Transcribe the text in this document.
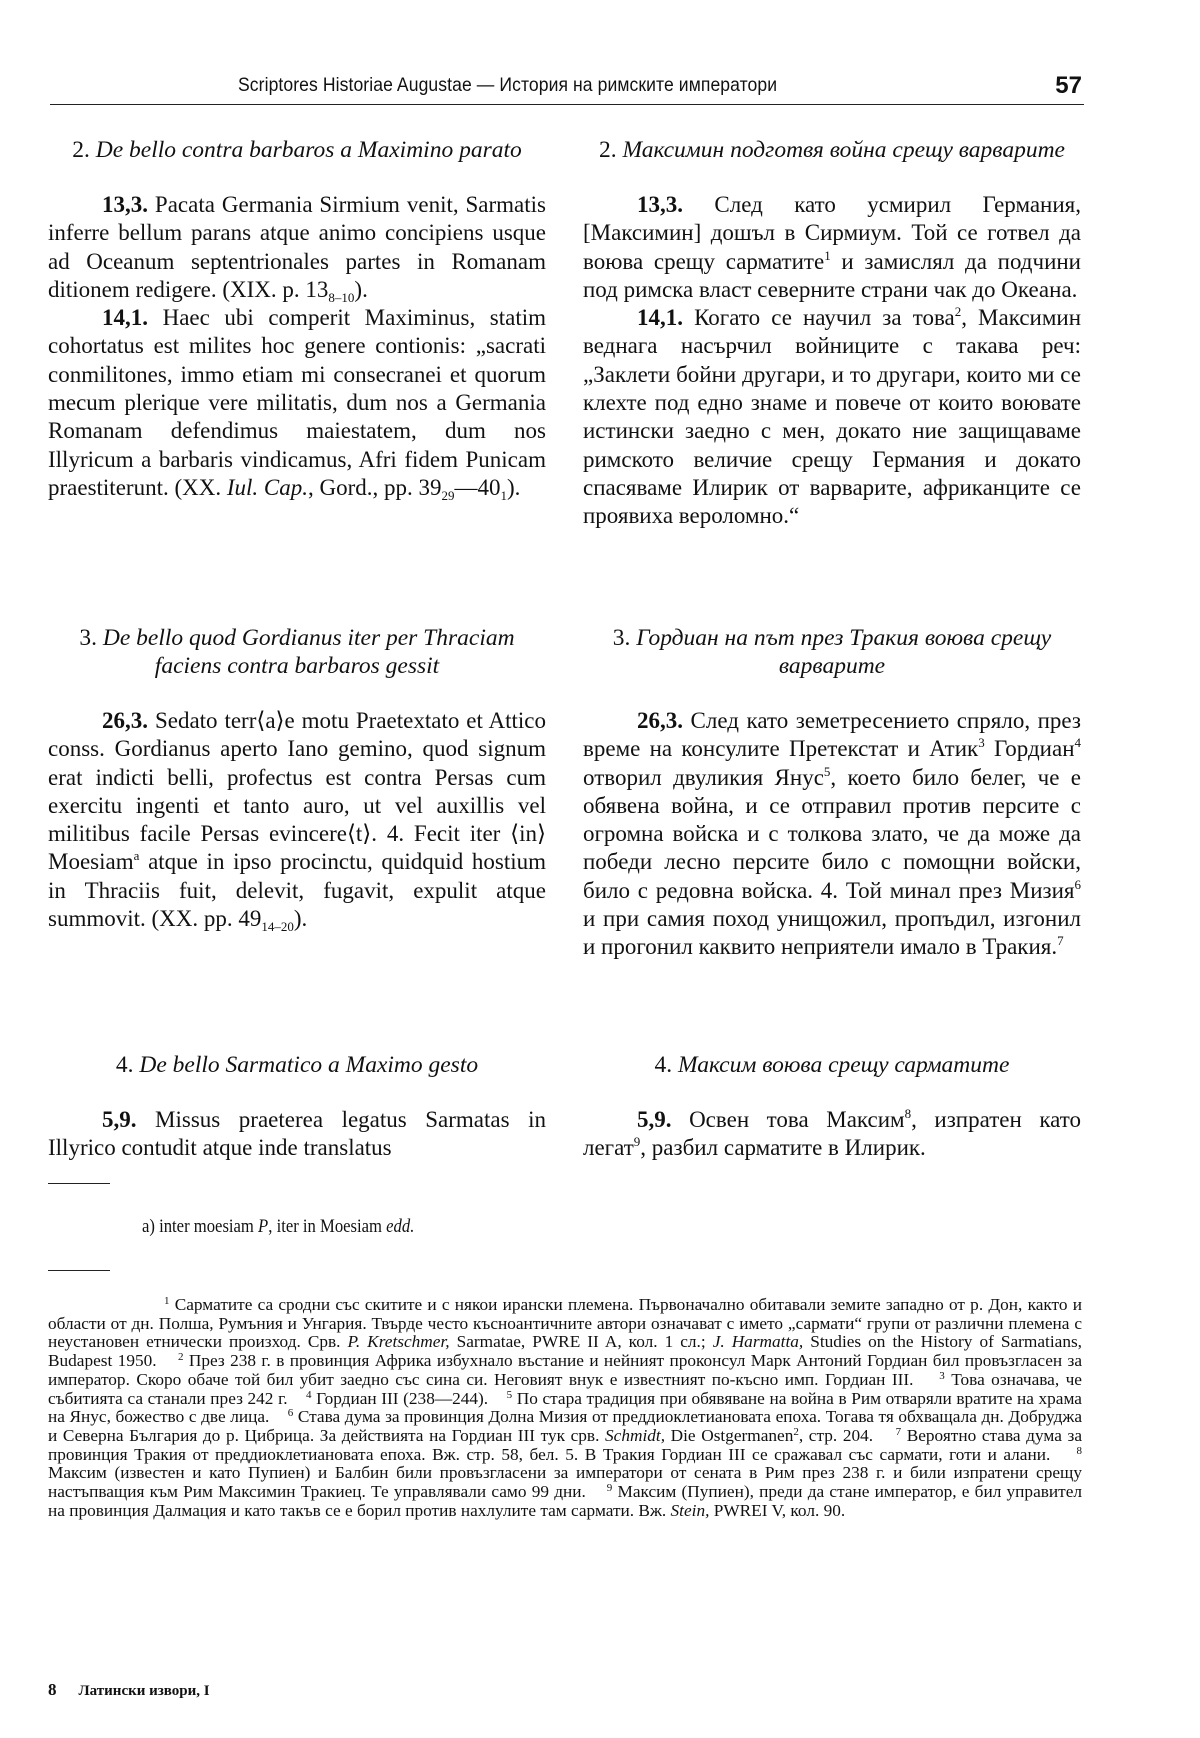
Scriptores Historiae Augustae — История на римските императори	57

2. De bello contra barbaros a Maximino parato

13,3. Pacata Germania Sirmium venit, Sarmatis inferre bellum parans atque animo concipiens usque ad Oceanum septentrionales partes in Romanam ditionem redigere. (XIX. p. $13_{8-10}$).

14,1. Haec ubi comperit Maximinus, statim cohortatus est milites hoc genere contionis: „sacrati conmilitones, immo etiam mi consecranei et quorum mecum plerique vere militatis, dum nos a Germania Romanam defendimus maiestatem, dum nos Illyricum a barbaris vindicamus, Afri fidem Punicam praestiterunt. (XX. Iul. Cap., Gord., pp. $39_{29}—40_1$).

2. Максимин подготвя война срещу варварите

13,3. След като усмирил Германия, [Максимин] дошъл в Сирмиум. Той се готвел да воюва срещу сарматите$^1$ и замислял да подчини под римска власт северните страни чак до Океана.

14,1. Когато се научил за това$^2$, Максимин веднага насърчил войниците с такава реч: „Заклети бойни другари, и то другари, които ми се клехте под едно знаме и повече от които воювате истински заедно с мен, докато ние защищаваме римското величие срещу Германия и докато спасяваме Илирик от варварите, африканците се проявиха вероломно.“

3. De bello quod Gordianus iter per Thraciam faciens contra barbaros gessit

26,3. Sedato terr⟨a⟩e motu Praetextato et Attico conss. Gordianus aperto Iano gemino, quod signum erat indicti belli, profectus est contra Persas cum exercitu ingenti et tanto auro, ut vel auxillis vel militibus facile Persas evincere⟨t⟩. 4. Fecit iter ⟨in⟩ Moesiam$^a$ atque in ipso procinctu, quidquid hostium in Thraciis fuit, delevit, fugavit, expulit atque summovit. (XX. pp. $49_{14-20}$).

3. Гордиан на път през Тракия воюва срещу варварите

26,3. След като земетресението спряло, през време на консулите Претекстат и Атик$^3$ Гордиан$^4$ отворил двуликия Янус$^5$, което било белег, че е обявена война, и се отправил против персите с огромна войска и с толкова злато, че да може да победи лесно персите било с помощни войски, било с редовна войска. 4. Той минал през Мизия$^6$ и при самия поход унищожил, пропъдил, изгонил и прогонил каквито неприятели имало в Тракия.$^7$

4. De bello Sarmatico a Maximo gesto

5,9. Missus praeterea legatus Sarmatas in Illyrico contudit atque inde translatus

4. Максим воюва срещу сарматите

5,9. Освен това Максим$^8$, изпратен като легат$^9$, разбил сарматите в Илирик.

a) inter moesiam P, iter in Moesiam edd.
$^1$ Сарматите са сродни със скитите и с някои ирански племена. Първоначално обитавали земите западно от р. Дон, както и области от дн. Полша, Румъния и Унгария. Твърде често късноантичните автори означават с името „сармати“ групи от различни племена с неустановен етнически произход. Срв. P. Kretschmer, Sarmatae, PWRE II A, кол. 1 сл.; J. Harmatta, Studies on the History of Sarmatians, Budapest 1950. $^2$ През 238 г. в провинция Африка избухнало въстание и нейният проконсул Марк Антоний Гордиан бил провъзгласен за император. Скоро обаче той бил убит заедно със сина си. Неговият внук е известният по-късно имп. Гордиан III. $^3$ Това означава, че събитията са станали през 242 г. $^4$ Гордиан III (238—244). $^5$ По стара традиция при обявяване на война в Рим отваряли вратите на храма на Янус, божество с две лица. $^6$ Става дума за провинция Долна Мизия от преддиоклетиановата епоха. Тогава тя обхващала дн. Добруджа и Северна България до р. Цибрица. За действията на Гордиан III тук срв. Schmidt, Die Ostgermanen$^2$, стр. 204. $^7$ Вероятно става дума за провинция Тракия от преддиоклетиановата епоха. Вж. стр. 58, бел. 5. В Тракия Гордиан III се сражавал със сармати, готи и алани. $^8$ Максим (известен и като Пупиен) и Балбин били провъзгласени за императори от сената в Рим през 238 г. и били изпратени срещу настъпващия към Рим Максимин Тракиец. Те управлявали само 99 дни. $^9$ Максим (Пупиен), преди да стане император, е бил управител на провинция Далмация и като такъв се е борил против нахлулите там сармати. Вж. Stein, PWREI V, кол. 90.
8 Латински извори, I
